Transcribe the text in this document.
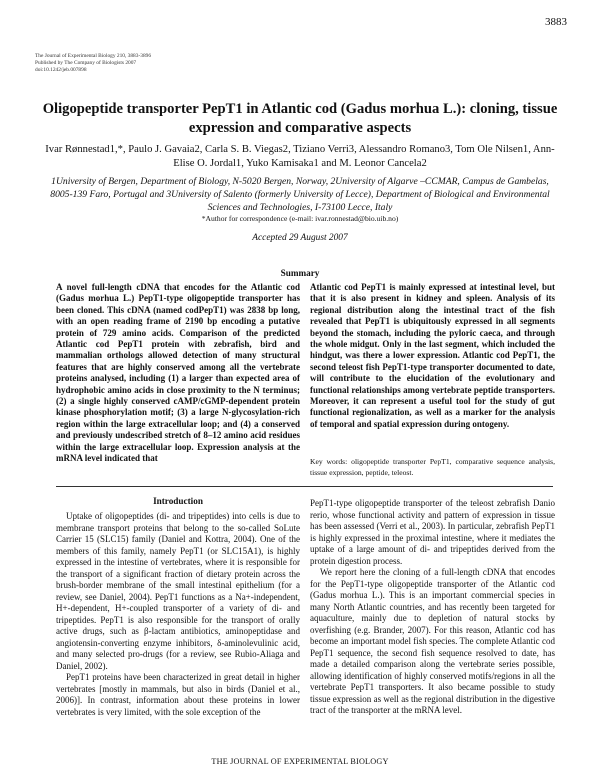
3883
The Journal of Experimental Biology 210, 3883-3896
Published by The Company of Biologists 2007
doi:10.1242/jeb.007898
Oligopeptide transporter PepT1 in Atlantic cod (Gadus morhua L.): cloning, tissue expression and comparative aspects
Ivar Rønnestad1,*, Paulo J. Gavaia2, Carla S. B. Viegas2, Tiziano Verri3, Alessandro Romano3, Tom Ole Nilsen1, Ann-Elise O. Jordal1, Yuko Kamisaka1 and M. Leonor Cancela2
1University of Bergen, Department of Biology, N-5020 Bergen, Norway, 2University of Algarve –CCMAR, Campus de Gambelas, 8005-139 Faro, Portugal and 3University of Salento (formerly University of Lecce), Department of Biological and Environmental Sciences and Technologies, I-73100 Lecce, Italy
*Author for correspondence (e-mail: ivar.ronnestad@bio.uib.no)
Accepted 29 August 2007
Summary
A novel full-length cDNA that encodes for the Atlantic cod (Gadus morhua L.) PepT1-type oligopeptide transporter has been cloned. This cDNA (named codPepT1) was 2838 bp long, with an open reading frame of 2190 bp encoding a putative protein of 729 amino acids. Comparison of the predicted Atlantic cod PepT1 protein with zebrafish, bird and mammalian orthologs allowed detection of many structural features that are highly conserved among all the vertebrate proteins analysed, including (1) a larger than expected area of hydrophobic amino acids in close proximity to the N terminus; (2) a single highly conserved cAMP/cGMP-dependent protein kinase phosphorylation motif; (3) a large N-glycosylation-rich region within the large extracellular loop; and (4) a conserved and previously undescribed stretch of 8–12 amino acid residues within the large extracellular loop. Expression analysis at the mRNA level indicated that
Atlantic cod PepT1 is mainly expressed at intestinal level, but that it is also present in kidney and spleen. Analysis of its regional distribution along the intestinal tract of the fish revealed that PepT1 is ubiquitously expressed in all segments beyond the stomach, including the pyloric caeca, and through the whole midgut. Only in the last segment, which included the hindgut, was there a lower expression. Atlantic cod PepT1, the second teleost fish PepT1-type transporter documented to date, will contribute to the elucidation of the evolutionary and functional relationships among vertebrate peptide transporters. Moreover, it can represent a useful tool for the study of gut functional regionalization, as well as a marker for the analysis of temporal and spatial expression during ontogeny.
Key words: oligopeptide transporter PepT1, comparative sequence analysis, tissue expression, peptide, teleost.
Introduction

Uptake of oligopeptides (di- and tripeptides) into cells is due to membrane transport proteins that belong to the so-called SoLute Carrier 15 (SLC15) family (Daniel and Kottra, 2004). One of the members of this family, namely PepT1 (or SLC15A1), is highly expressed in the intestine of vertebrates, where it is responsible for the transport of a significant fraction of dietary protein across the brush-border membrane of the small intestinal epithelium (for a review, see Daniel, 2004). PepT1 functions as a Na+-independent, H+-dependent, H+-coupled transporter of a variety of di- and tripeptides. PepT1 is also responsible for the transport of orally active drugs, such as β-lactam antibiotics, aminopeptidase and angiotensin-converting enzyme inhibitors, δ-aminolevulinic acid, and many selected pro-drugs (for a review, see Rubio-Aliaga and Daniel, 2002).

PepT1 proteins have been characterized in great detail in higher vertebrates [mostly in mammals, but also in birds (Daniel et al., 2006)]. In contrast, information about these proteins in lower vertebrates is very limited, with the sole exception of the

PepT1-type oligopeptide transporter of the teleost zebrafish Danio rerio, whose functional activity and pattern of expression in tissue has been assessed (Verri et al., 2003). In particular, zebrafish PepT1 is highly expressed in the proximal intestine, where it mediates the uptake of a large amount of di- and tripeptides derived from the protein digestion process.

We report here the cloning of a full-length cDNA that encodes for the PepT1-type oligopeptide transporter of the Atlantic cod (Gadus morhua L.). This is an important commercial species in many North Atlantic countries, and has recently been targeted for aquaculture, mainly due to depletion of natural stocks by overfishing (e.g. Brander, 2007). For this reason, Atlantic cod has become an important model fish species. The complete Atlantic cod PepT1 sequence, the second fish sequence resolved to date, has made a detailed comparison along the vertebrate series possible, allowing identification of highly conserved motifs/regions in all the vertebrate PepT1 transporters. It also became possible to study tissue expression as well as the regional distribution in the digestive tract of the transporter at the mRNA level.

THE JOURNAL OF EXPERIMENTAL BIOLOGY
